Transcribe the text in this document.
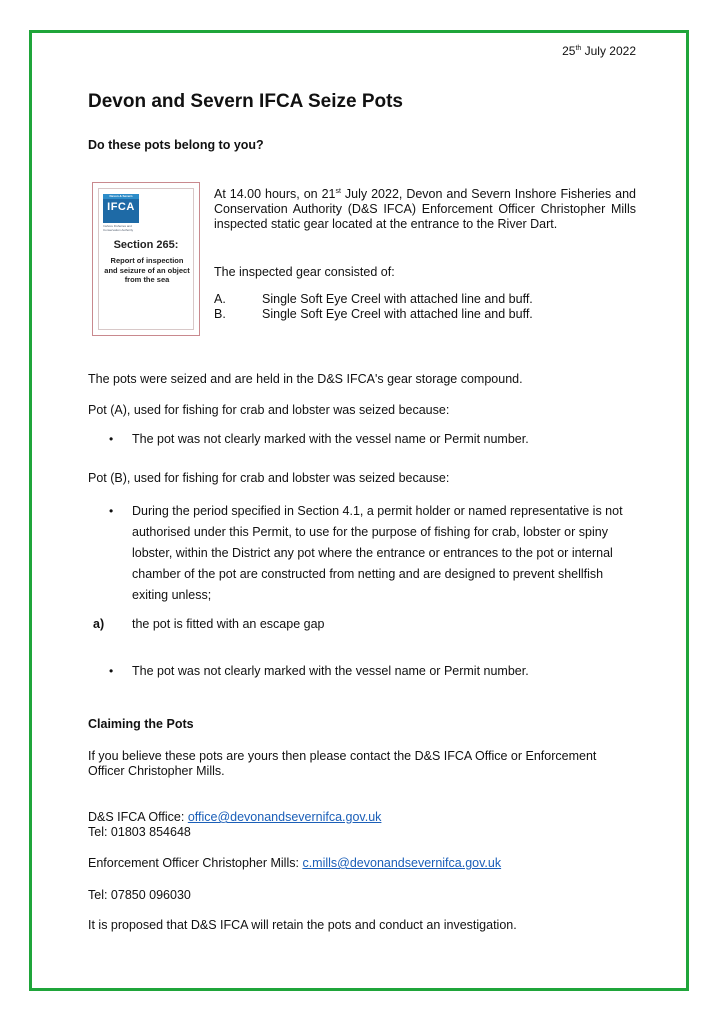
25th July 2022
Devon and Severn IFCA Seize Pots
Do these pots belong to you?
Devon & Severn
IFCA
Inshore Fisheries and Conservation Authority
Section 265:
Report of inspection and seizure of an object from the sea
At 14.00 hours, on 21st July 2022, Devon and Severn Inshore Fisheries and Conservation Authority (D&S IFCA) Enforcement Officer Christopher Mills inspected static gear located at the entrance to the River Dart.
The inspected gear consisted of:
A.	Single Soft Eye Creel with attached line and buff.
B.	Single Soft Eye Creel with attached line and buff.
The pots were seized and are held in the D&S IFCA's gear storage compound.
Pot (A), used for fishing for crab and lobster was seized because:
• The pot was not clearly marked with the vessel name or Permit number.
Pot (B), used for fishing for crab and lobster was seized because:
• During the period specified in Section 4.1, a permit holder or named representative is not authorised under this Permit, to use for the purpose of fishing for crab, lobster or spiny lobster, within the District any pot where the entrance or entrances to the pot or internal chamber of the pot are constructed from netting and are designed to prevent shellfish exiting unless;
a)	the pot is fitted with an escape gap
• The pot was not clearly marked with the vessel name or Permit number.
Claiming the Pots
If you believe these pots are yours then please contact the D&S IFCA Office or Enforcement Officer Christopher Mills.
D&S IFCA Office: office@devonandsevernifca.gov.uk
Tel: 01803 854648
Enforcement Officer Christopher Mills: c.mills@devonandsevernifca.gov.uk
Tel: 07850 096030
It is proposed that D&S IFCA will retain the pots and conduct an investigation.
